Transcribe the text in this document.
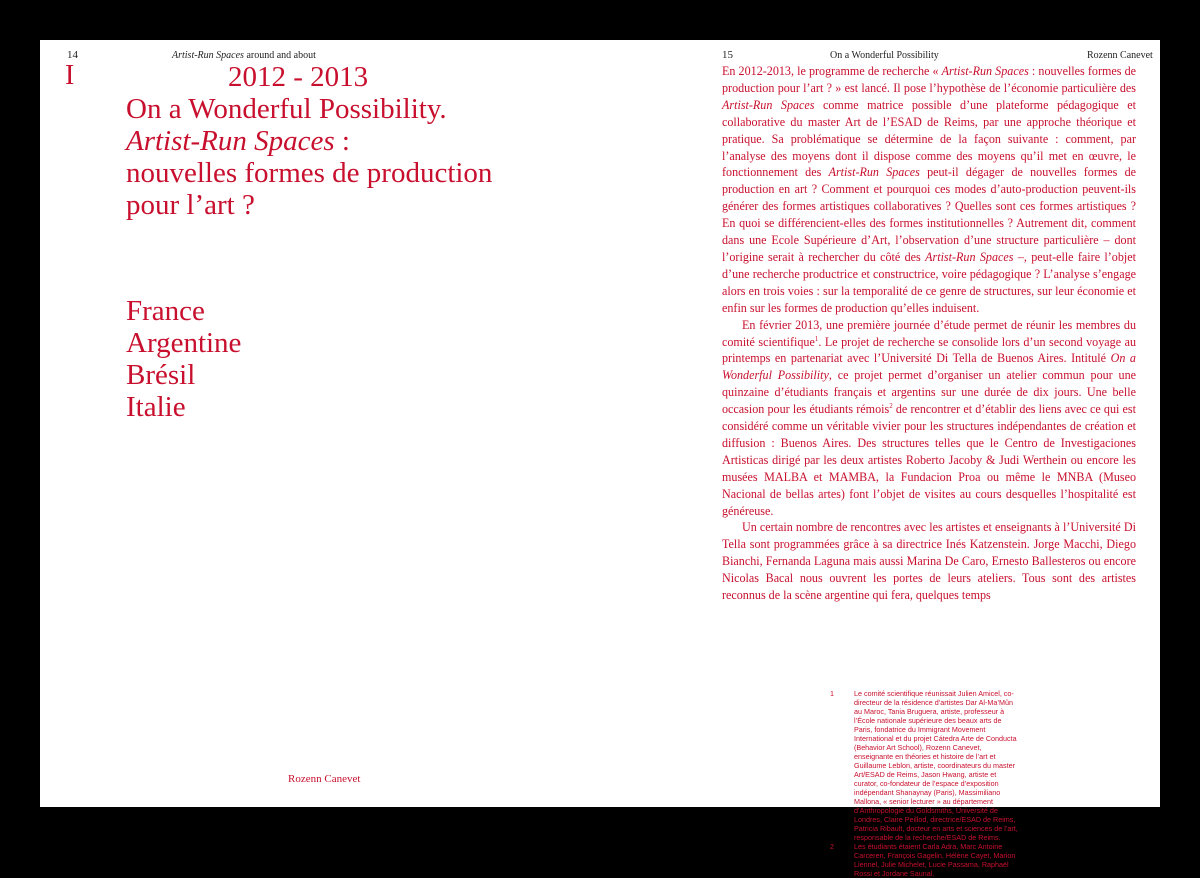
14	Artist-Run Spaces around and about
I	2012 - 2013
On a Wonderful Possibility.
Artist-Run Spaces :
nouvelles formes de production
pour l’art ?
France
Argentine
Brésil
Italie
Rozenn Canevet
15	On a Wonderful Possibility	Rozenn Canevet

En 2012-2013, le programme de recherche « Artist-Run Spaces : nouvelles formes de production pour l’art ? » est lancé. Il pose l’hypothèse de l’économie particulière des Artist-Run Spaces comme matrice possible d’une plateforme pédagogique et collaborative du master Art de l’ESAD de Reims, par une approche théorique et pratique. Sa problématique se détermine de la façon suivante : comment, par l’analyse des moyens dont il dispose comme des moyens qu’il met en œuvre, le fonctionnement des Artist-Run Spaces peut-il dégager de nouvelles formes de production en art ? Comment et pourquoi ces modes d’auto-production peuvent-ils générer des formes artistiques collaboratives ? Quelles sont ces formes artistiques ? En quoi se différencient-elles des formes institutionnelles ? Autrement dit, comment dans une Ecole Supérieure d’Art, l’observation d’une structure particulière – dont l’origine serait à rechercher du côté des Artist-Run Spaces –, peut-elle faire l’objet d’une recherche productrice et constructrice, voire pédagogique ? L’analyse s’engage alors en trois voies : sur la temporalité de ce genre de structures, sur leur économie et enfin sur les formes de production qu’elles induisent.

En février 2013, une première journée d’étude permet de réunir les membres du comité scientifique$^1$. Le projet de recherche se consolide lors d’un second voyage au printemps en partenariat avec l’Université Di Tella de Buenos Aires. Intitulé On a Wonderful Possibility, ce projet permet d’organiser un atelier commun pour une quinzaine d’étudiants français et argentins sur une durée de dix jours. Une belle occasion pour les étudiants rémois$^2$ de rencontrer et d’établir des liens avec ce qui est considéré comme un véritable vivier pour les structures indépendantes de création et diffusion : Buenos Aires. Des structures telles que le Centro de Investigaciones Artisticas dirigé par les deux artistes Roberto Jacoby & Judi Werthein ou encore les musées MALBA et MAMBA, la Fundacion Proa ou même le MNBA (Museo Nacional de bellas artes) font l’objet de visites au cours desquelles l’hospitalité est généreuse.

Un certain nombre de rencontres avec les artistes et enseignants à l’Université Di Tella sont programmées grâce à sa directrice Inés Katzenstein. Jorge Macchi, Diego Bianchi, Fernanda Laguna mais aussi Marina De Caro, Ernesto Ballesteros ou encore Nicolas Bacal nous ouvrent les portes de leurs ateliers. Tous sont des artistes reconnus de la scène argentine qui fera, quelques temps

1	Le comité scientifique réunissait Julien Amicel, co-directeur de la résidence d’artistes Dar Al-Ma’Mûn au Maroc, Tania Bruguera, artiste, professeur à l’École nationale supérieure des beaux arts de Paris, fondatrice du Immigrant Movement International et du projet Cátedra Arte de Conducta (Behavior Art School), Rozenn Canevet, enseignante en théories et histoire de l’art et Guillaume Leblon, artiste, coordinateurs du master Art/ESAD de Reims, Jason Hwang, artiste et curator, co-fondateur de l’espace d’exposition indépendant Shanaynay (Paris), Massimiliano Mallona, « senior lecturer » au département d’Anthropologie du Goldsmiths, Université de Londres, Claire Peillod, directrice/ESAD de Reims, Patricia Ribault, docteur en arts et sciences de l’art, responsable de la recherche/ESAD de Reims.
2	Les étudiants étaient Carla Adra, Marc Antoine Carcereri, François Gagelin, Hélène Cayet, Marion Liennel, Julie Michelet, Lucie Passama, Raphaël Rossi et Jordane Saunal.
